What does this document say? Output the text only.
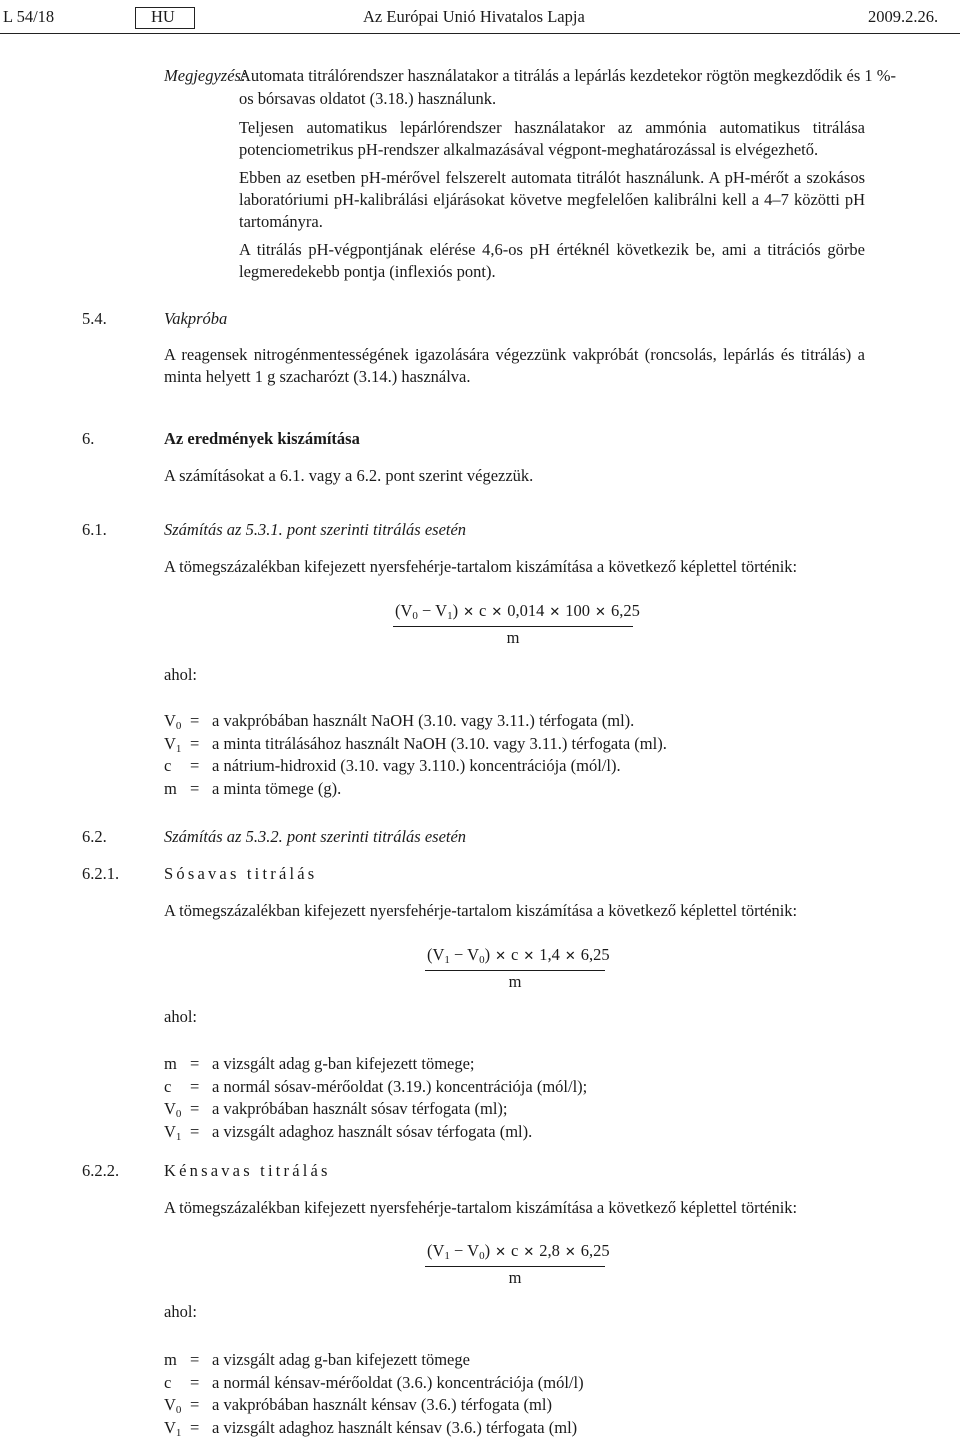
L 54/18	HU	Az Európai Unió Hivatalos Lapja	2009.2.26.
Megjegyzés:
Automata titrálórendszer használatakor a titrálás a lepárlás kezdetekor rögtön megkezdődik és 1 %-
os bórsavas oldatot (3.18.) használunk.

Teljesen automatikus lepárlórendszer használatakor az ammónia automatikus titrálása potenciometrikus pH-rendszer alkalmazásával végpont-meghatározással is elvégezhető.

Ebben az esetben pH-mérővel felszerelt automata titrálót használunk. A pH-mérőt a szokásos laboratóriumi pH-kalibrálási eljárásokat követve megfelelően kalibrálni kell a 4–7 közötti pH tartományra.

A titrálás pH-végpontjának elérése 4,6-os pH értéknél következik be, ami a titrációs görbe legmeredekebb pontja (inflexiós pont).

5.4.	Vakpróba

A reagensek nitrogénmentességének igazolására végezzünk vakpróbát (roncsolás, lepárlás és titrálás) a minta helyett 1 g szacharózt (3.14.) használva.

6.	Az eredmények kiszámítása
A számításokat a 6.1. vagy a 6.2. pont szerint végezzük.
6.1.	Számítás az 5.3.1. pont szerinti titrálás esetén
A tömegszázalékban kifejezett nyersfehérje-tartalom kiszámítása a következő képlettel történik:
$(V_0 - V_1)$ ✕ c ✕ 0,014 ✕ 100 ✕ 6,25
m
ahol:
$V_0 = a$ vakpróbában használt NaOH (3.10. vagy 3.11.) térfogata (ml).
$V_1 = a$ minta titrálásához használt NaOH (3.10. vagy 3.11.) térfogata (ml).
c = a nátrium-hidroxid (3.10. vagy 3.110.) koncentrációja (mól/l).
m = a minta tömege (g).
6.2.	Számítás az 5.3.2. pont szerinti titrálás esetén
6.2.1.	Sósavas titrálás
A tömegszázalékban kifejezett nyersfehérje-tartalom kiszámítása a következő képlettel történik:
$(V_1 - V_0)$ ✕ c ✕ 1,4 ✕ 6,25
m
ahol:
m = a vizsgált adag g-ban kifejezett tömege;
c = a normál sósav-mérőoldat (3.19.) koncentrációja (mól/l);
$V_0 = a$ vakpróbában használt sósav térfogata (ml);
$V_1 = a$ vizsgált adaghoz használt sósav térfogata (ml).
6.2.2.	Kénsavas titrálás
A tömegszázalékban kifejezett nyersfehérje-tartalom kiszámítása a következő képlettel történik:
$(V_1 - V_0)$ ✕ c ✕ 2,8 ✕ 6,25
m
ahol:
m = a vizsgált adag g-ban kifejezett tömege
c = a normál kénsav-mérőoldat (3.6.) koncentrációja (mól/l)
$V_0 = a$ vakpróbában használt kénsav (3.6.) térfogata (ml)
$V_1 = a$ vizsgált adaghoz használt kénsav (3.6.) térfogata (ml)
